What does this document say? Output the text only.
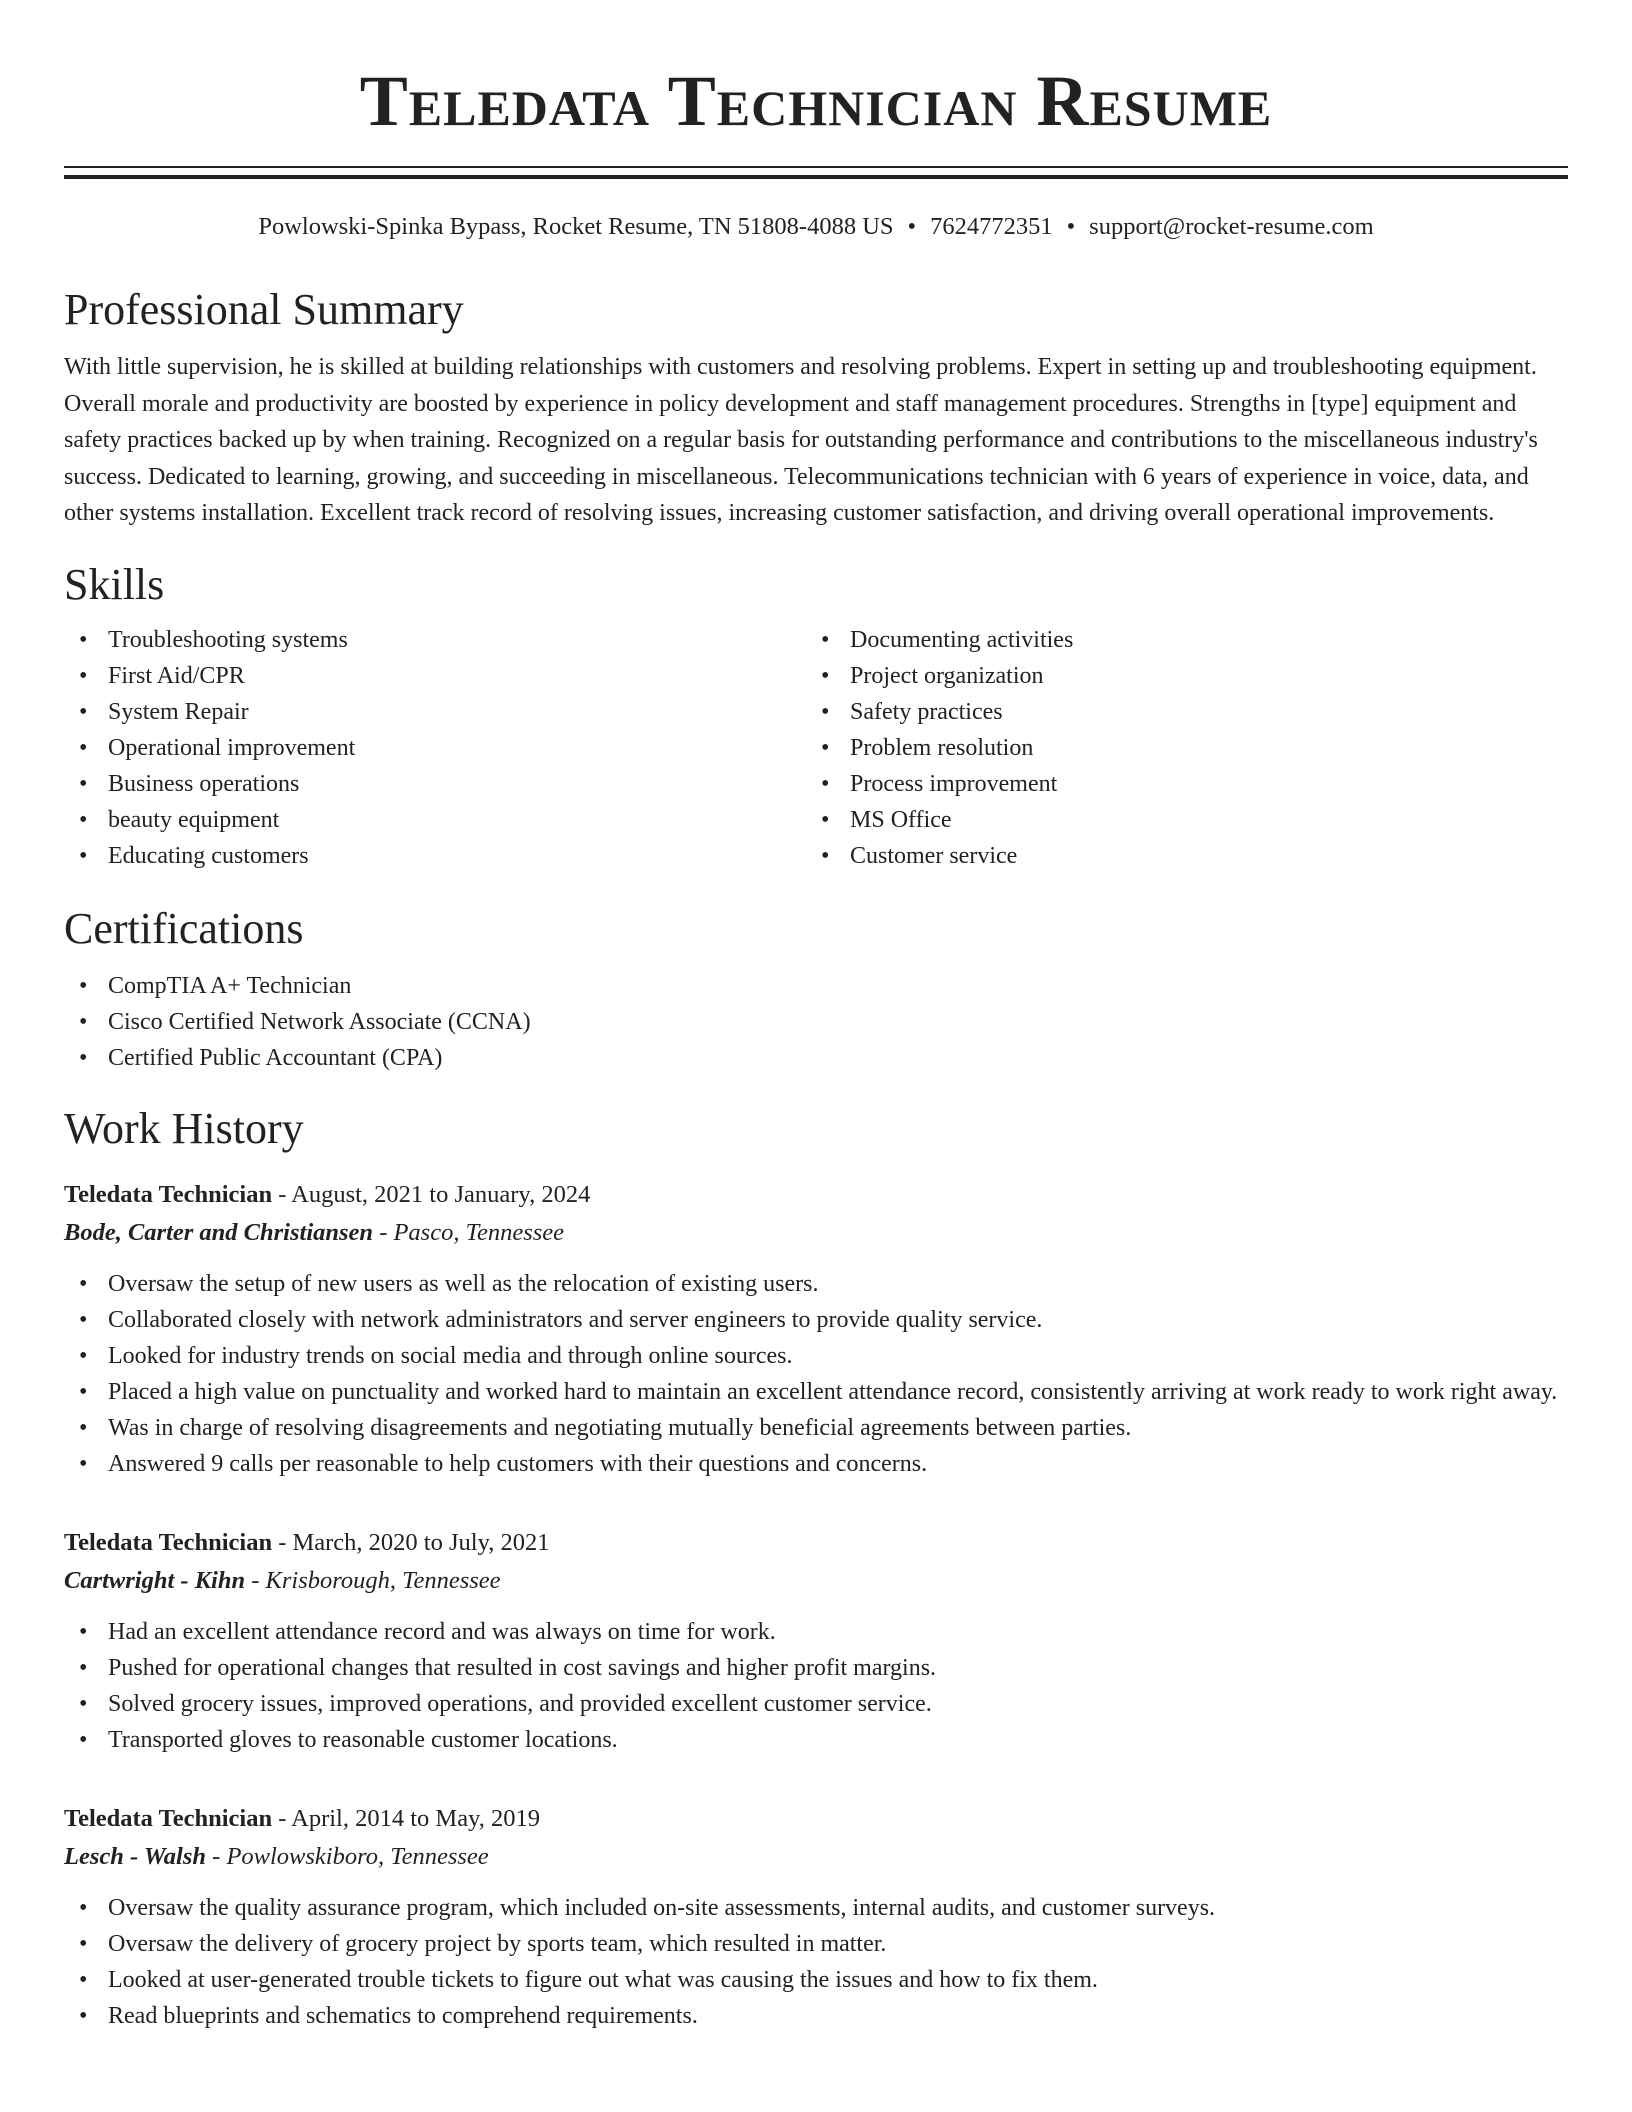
Teledata Technician Resume
Powlowski-Spinka Bypass, Rocket Resume, TN 51808-4088 US • 7624772351 • support@rocket-resume.com
Professional Summary

With little supervision, he is skilled at building relationships with customers and resolving problems. Expert in setting up and troubleshooting equipment. Overall morale and productivity are boosted by experience in policy development and staff management procedures. Strengths in [type] equipment and safety practices backed up by when training. Recognized on a regular basis for outstanding performance and contributions to the miscellaneous industry's success. Dedicated to learning, growing, and succeeding in miscellaneous. Telecommunications technician with 6 years of experience in voice, data, and other systems installation. Excellent track record of resolving issues, increasing customer satisfaction, and driving overall operational improvements.

Skills
• Troubleshooting systems
• First Aid/CPR
• System Repair
• Operational improvement
• Business operations
• beauty equipment
• Educating customers
• Documenting activities
• Project organization
• Safety practices
• Problem resolution
• Process improvement
• MS Office
• Customer service
Certifications
• CompTIA A+ Technician
• Cisco Certified Network Associate (CCNA)
• Certified Public Accountant (CPA)
Work History
Teledata Technician - August, 2021 to January, 2024
Bode, Carter and Christiansen - Pasco, Tennessee
• Oversaw the setup of new users as well as the relocation of existing users.
• Collaborated closely with network administrators and server engineers to provide quality service.
• Looked for industry trends on social media and through online sources.
• Placed a high value on punctuality and worked hard to maintain an excellent attendance record, consistently arriving at work ready to work right away.
• Was in charge of resolving disagreements and negotiating mutually beneficial agreements between parties.
• Answered 9 calls per reasonable to help customers with their questions and concerns.
Teledata Technician - March, 2020 to July, 2021
Cartwright - Kihn - Krisborough, Tennessee
• Had an excellent attendance record and was always on time for work.
• Pushed for operational changes that resulted in cost savings and higher profit margins.
• Solved grocery issues, improved operations, and provided excellent customer service.
• Transported gloves to reasonable customer locations.
Teledata Technician - April, 2014 to May, 2019
Lesch - Walsh - Powlowskiboro, Tennessee
• Oversaw the quality assurance program, which included on-site assessments, internal audits, and customer surveys.
• Oversaw the delivery of grocery project by sports team, which resulted in matter.
• Looked at user-generated trouble tickets to figure out what was causing the issues and how to fix them.
• Read blueprints and schematics to comprehend requirements.
